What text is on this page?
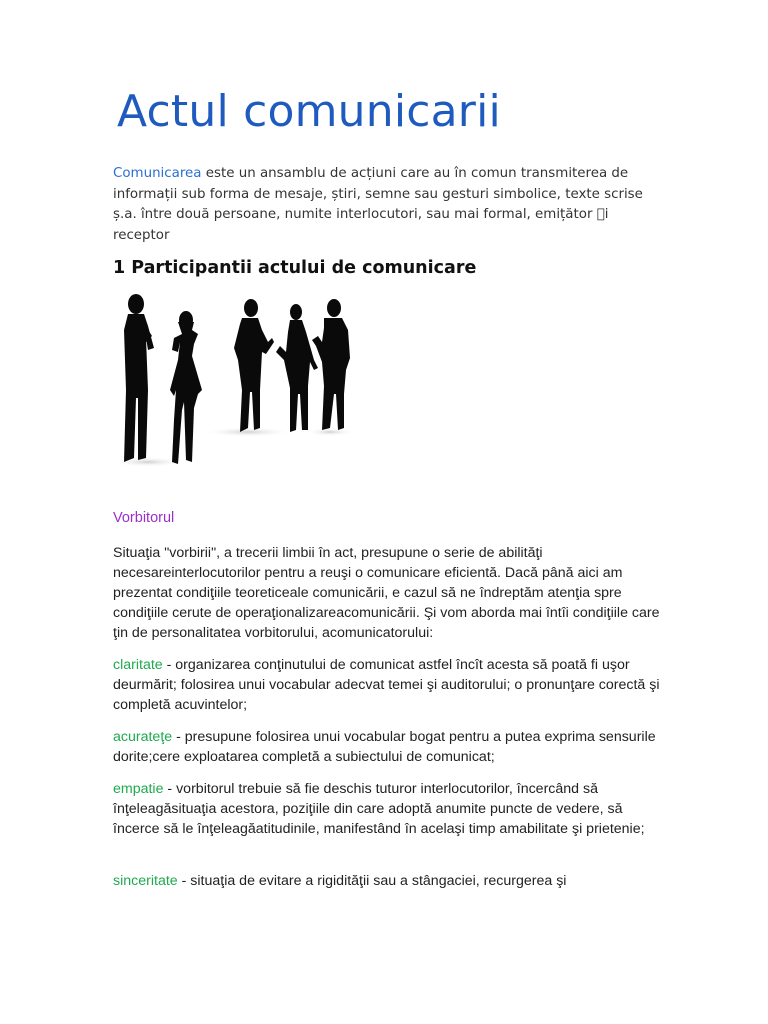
Actul comunicarii

Comunicarea este un ansamblu de acțiuni care au în comun transmiterea de informații sub forma de mesaje, știri, semne sau gesturi simbolice, texte scrise ș.a. între două persoane, numite interlocutori, sau mai formal, emițător i receptor

1 Participantii actului de comunicare
Vorbitorul

Situaţia "vorbirii", a trecerii limbii în act, presupune o serie de abilităţi necesareinterlocutorilor pentru a reuşi o comunicare eficientă. Dacă până aici am prezentat condiţiile teoreticeale comunicării, e cazul să ne îndreptăm atenţia spre condiţiile cerute de operaţionalizareacomunicării. Şi vom aborda mai întîi condiţiile care ţin de personalitatea vorbitorului, acomunicatorului:

claritate - organizarea conţinutului de comunicat astfel încît acesta să poată fi uşor deurmărit; folosirea unui vocabular adecvat temei şi auditorului; o pronunţare corectă şi completă acuvintelor;

acurateţe - presupune folosirea unui vocabular bogat pentru a putea exprima sensurile dorite;cere exploatarea completă a subiectului de comunicat;

empatie - vorbitorul trebuie să fie deschis tuturor interlocutorilor, încercând să înţeleagăsituaţia acestora, poziţiile din care adoptă anumite puncte de vedere, să încerce să le înţeleagăatitudinile, manifestând în acelaşi timp amabilitate şi prietenie;

sinceritate - situaţia de evitare a rigidităţii sau a stângaciei, recurgerea şi
